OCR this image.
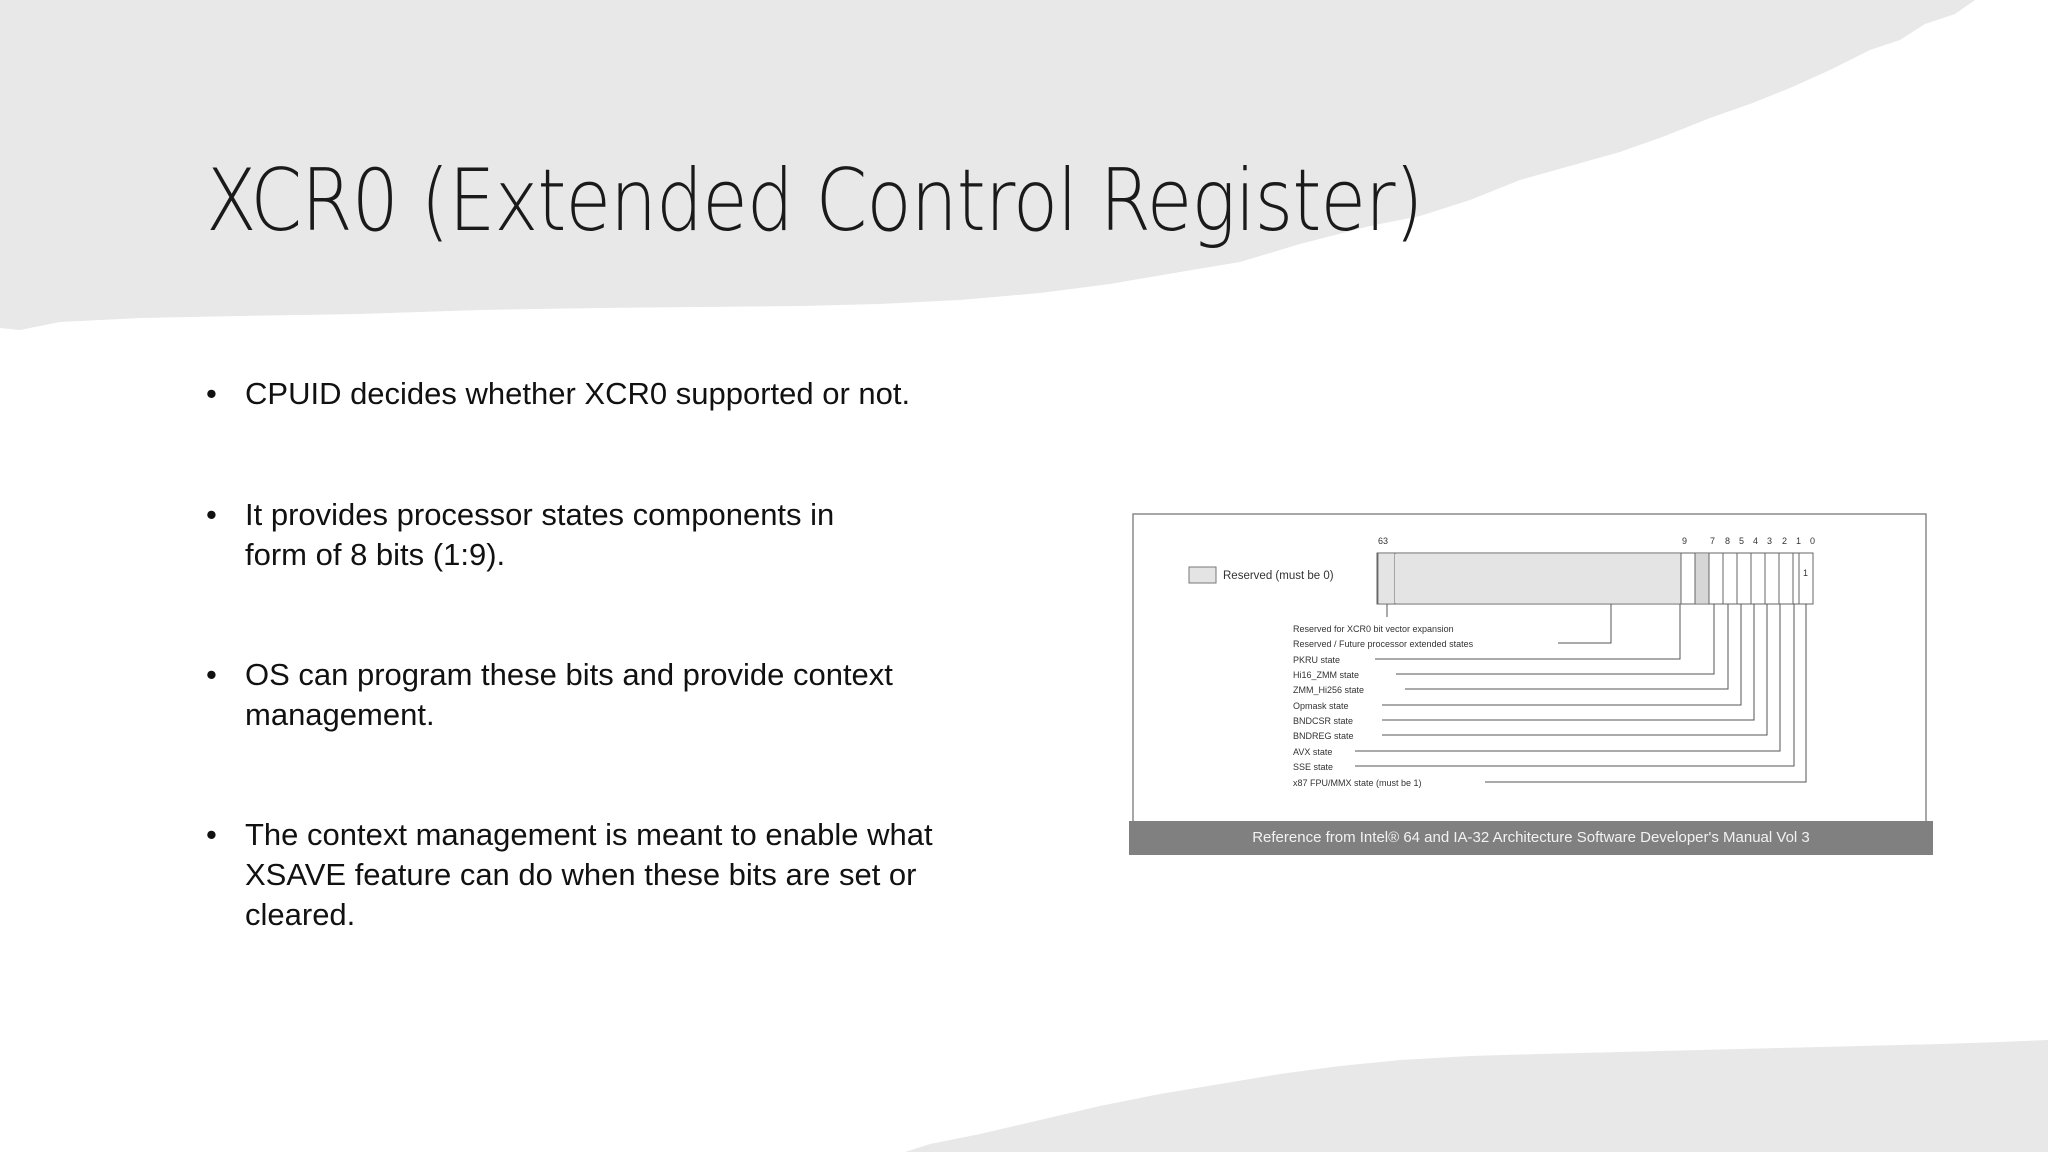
XCR0 (Extended Control Register)
• CPUID decides whether XCR0 supported or not.
• It provides processor states components in form of 8 bits (1:9).
• OS can program these bits and provide context management.
• The context management is meant to enable what XSAVE feature can do when these bits are set or cleared.
Reserved (must be 0)
63	9	7 8 5 4 3 2 1 0
1
Reserved for XCR0 bit vector expansion
Reserved / Future processor extended states
PKRU state
Hi16_ZMM state
ZMM_Hi256 state
Opmask state
BNDCSR state
BNDREG state
AVX state
SSE state
x87 FPU/MMX state (must be 1)
Reference from Intel® 64 and IA-32 Architecture Software Developer's Manual Vol 3
